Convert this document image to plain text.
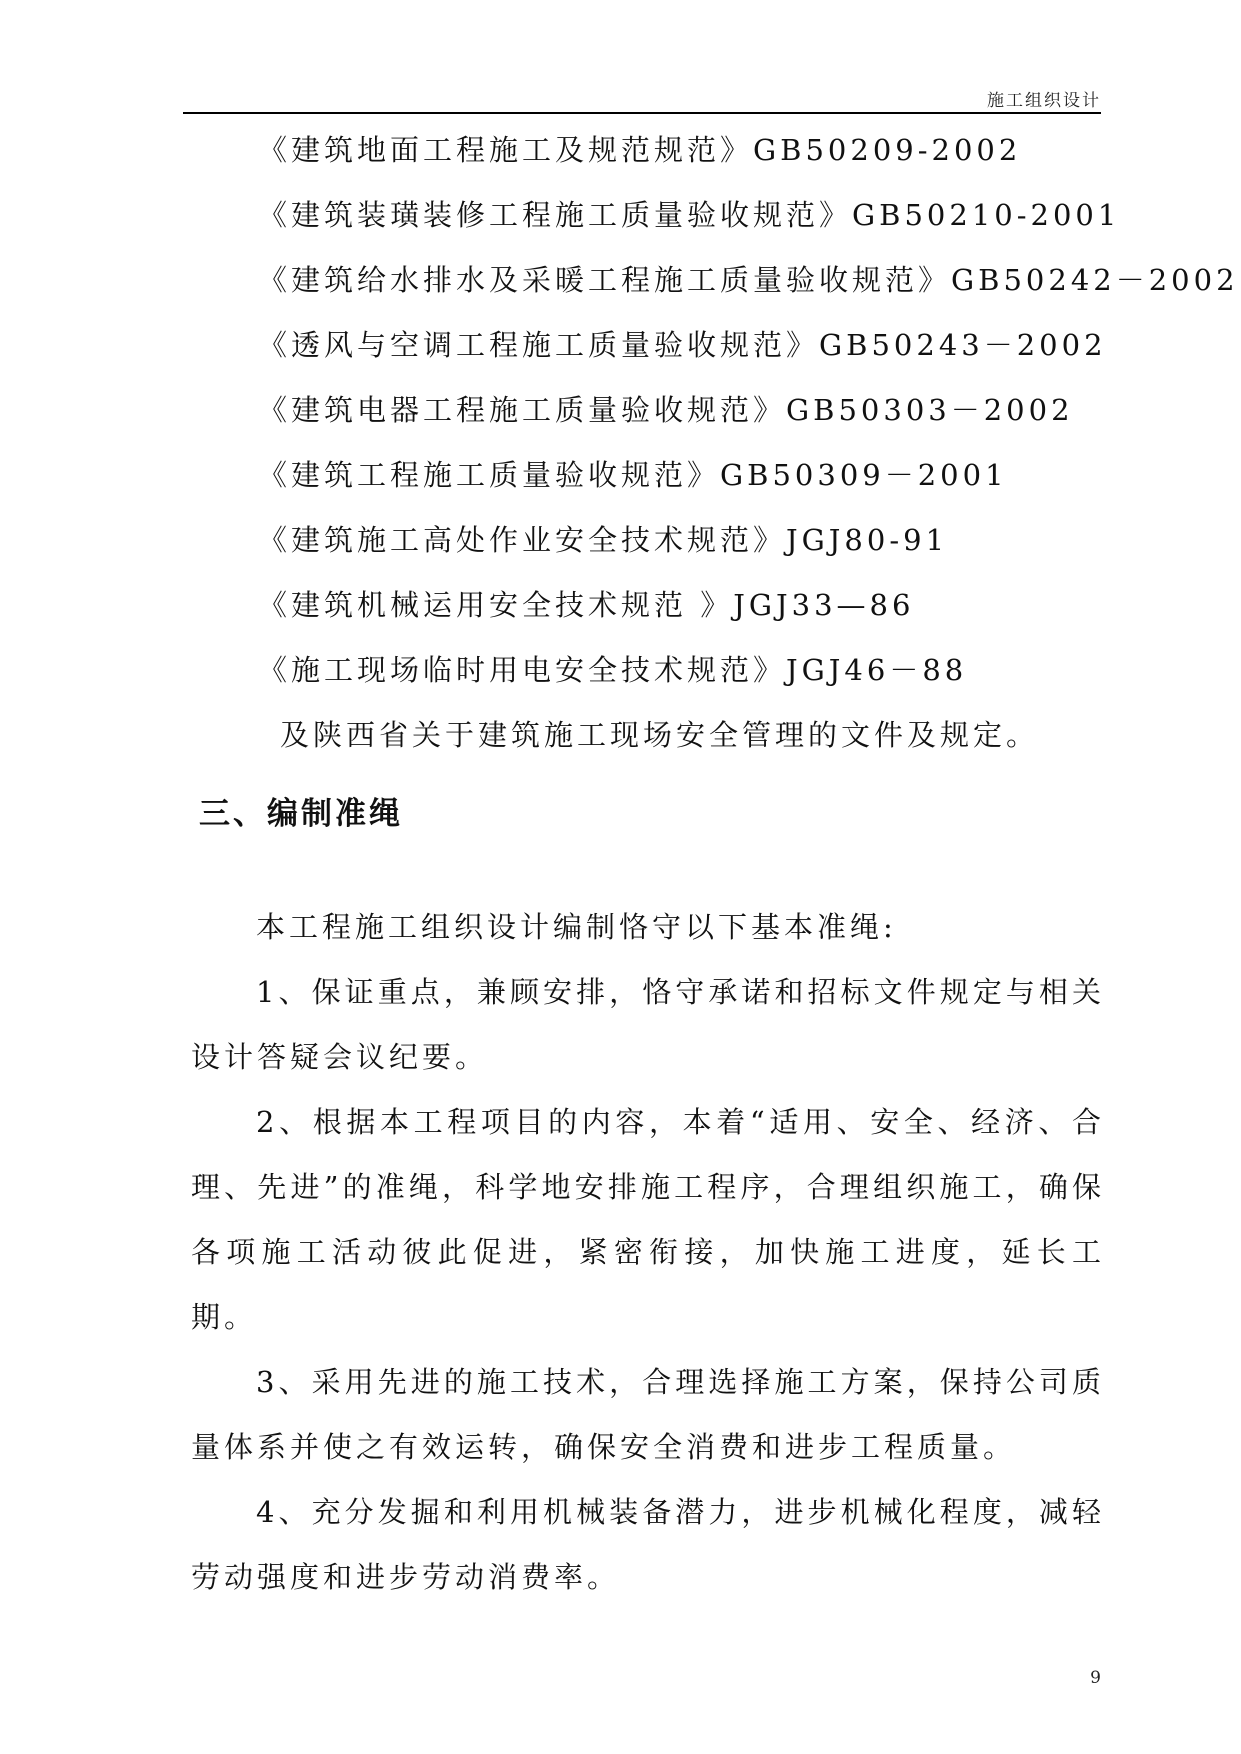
施工组织设计
《建筑地面工程施工及规范规范》GB50209-2002
《建筑装璜装修工程施工质量验收规范》GB50210-2001
《建筑给水排水及采暖工程施工质量验收规范》GB50242－2002
《透风与空调工程施工质量验收规范》GB50243－2002
《建筑电器工程施工质量验收规范》GB50303－2002
《建筑工程施工质量验收规范》GB50309－2001
《建筑施工高处作业安全技术规范》JGJ80-91
《建筑机械运用安全技术规范 》JGJ33—86
《施工现场临时用电安全技术规范》JGJ46－88
及陕西省关于建筑施工现场安全管理的文件及规定。
三、编制准绳

本工程施工组织设计编制恪守以下基本准绳:

1、保证重点，兼顾安排，恪守承诺和招标文件规定与相关设计答疑会议纪要。

2、根据本工程项目的内容，本着“适用、安全、经济、合理、先进”的准绳，科学地安排施工程序，合理组织施工，确保各项施工活动彼此促进，紧密衔接，加快施工进度，延长工期。

3、采用先进的施工技术，合理选择施工方案，保持公司质量体系并使之有效运转，确保安全消费和进步工程质量。

4、充分发掘和利用机械装备潜力，进步机械化程度，减轻劳动强度和进步劳动消费率。

9
